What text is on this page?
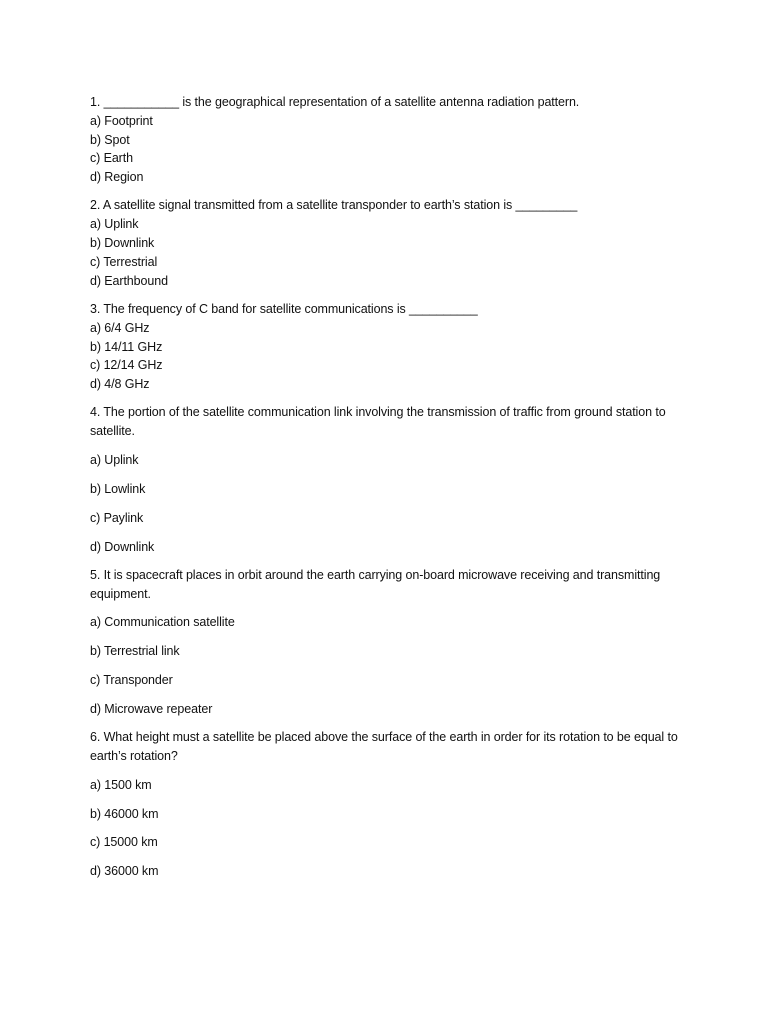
1. ___________ is the geographical representation of a satellite antenna radiation pattern.

a) Footprint

b) Spot

c) Earth

d) Region

2. A satellite signal transmitted from a satellite transponder to earth’s station is _________

a) Uplink

b) Downlink

c) Terrestrial

d) Earthbound

3. The frequency of C band for satellite communications is __________

a) 6/4 GHz

b) 14/11 GHz

c) 12/14 GHz

d) 4/8 GHz

4. The portion of the satellite communication link involving the transmission of traffic from ground station to satellite.

a) Uplink

b) Lowlink

c) Paylink

d) Downlink

5. It is spacecraft places in orbit around the earth carrying on-board microwave receiving and transmitting equipment.

a) Communication satellite

b) Terrestrial link

c) Transponder

d) Microwave repeater

6. What height must a satellite be placed above the surface of the earth in order for its rotation to be equal to earth’s rotation?

a) 1500 km

b) 46000 km

c) 15000 km

d) 36000 km
